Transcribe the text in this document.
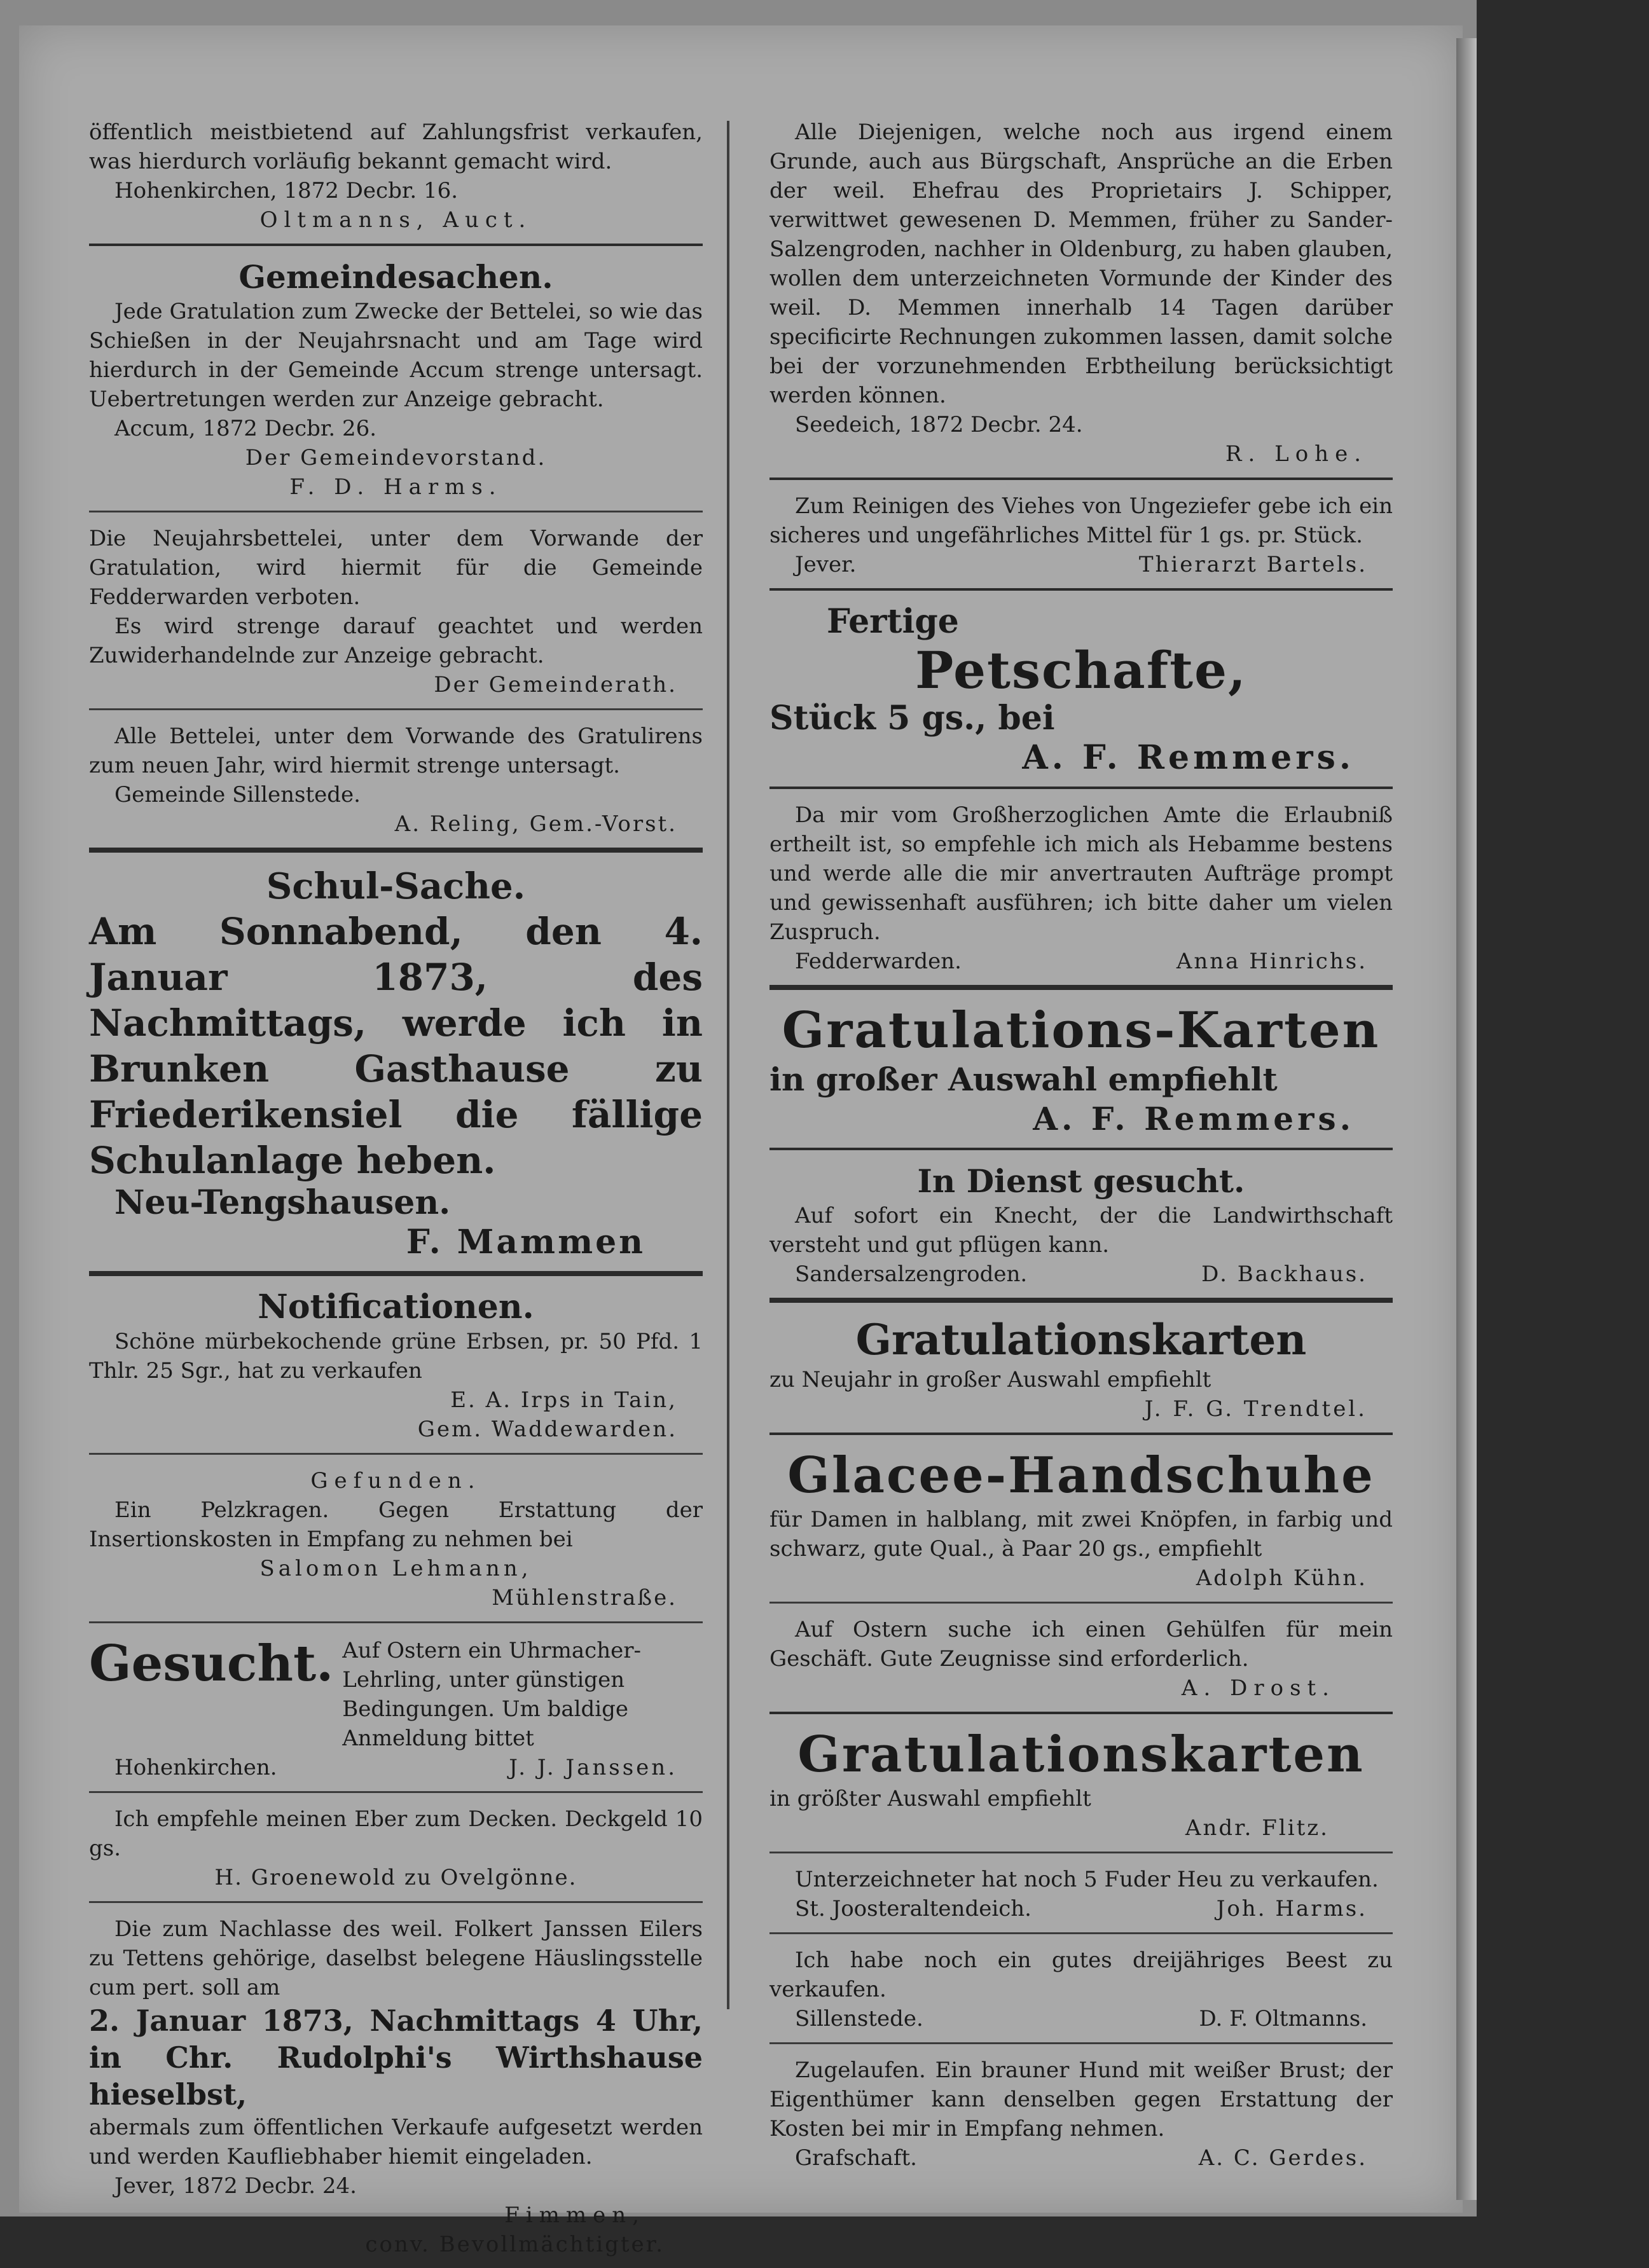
öffentlich meistbietend auf Zahlungsfrist verkaufen, was hierdurch vorläufig bekannt gemacht wird.
Hohenkirchen, 1872 Decbr. 16.
Oltmanns, Auct.
Gemeindesachen.
Jede Gratulation zum Zwecke der Bettelei, so wie das Schießen in der Neujahrsnacht und am Tage wird hierdurch in der Gemeinde Accum strenge untersagt. Uebertretungen werden zur Anzeige gebracht.
Accum, 1872 Decbr. 26.
Der Gemeindevorstand.
F. D. Harms.
Die Neujahrsbettelei, unter dem Vorwande der Gratulation, wird hiermit für die Gemeinde Fedderwarden verboten.
Es wird strenge darauf geachtet und werden Zuwiderhandelnde zur Anzeige gebracht.
Der Gemeinderath.
Alle Bettelei, unter dem Vorwande des Gratulirens zum neuen Jahr, wird hiermit strenge untersagt.
Gemeinde Sillenstede.
A. Reling, Gem.-Vorst.
Schul-Sache.
Am Sonnabend, den 4. Januar 1873, des Nachmittags, werde ich in Brunken Gasthause zu Friederikensiel die fällige Schulanlage heben.
Neu-Tengshausen.
F. Mammen
Notificationen.
Schöne mürbekochende grüne Erbsen, pr. 50 Pfd. 1 Thlr. 25 Sgr., hat zu verkaufen
E. A. Irps in Tain,
Gem. Waddewarden.
Gefunden.
Ein Pelzkragen. Gegen Erstattung der Insertionskosten in Empfang zu nehmen bei
Salomon Lehmann,
Mühlenstraße.
Gesucht. Auf Ostern ein Uhrmacher-Lehrling, unter günstigen Bedingungen. Um baldige Anmeldung bittet
Hohenkirchen.	J. J. Janssen.
Ich empfehle meinen Eber zum Decken. Deckgeld 10 gs.
H. Groenewold zu Ovelgönne.
Die zum Nachlasse des weil. Folkert Janssen Eilers zu Tettens gehörige, daselbst belegene Häuslingsstelle cum pert. soll am
2. Januar 1873, Nachmittags 4 Uhr, in Chr. Rudolphi's Wirthshause hieselbst,
abermals zum öffentlichen Verkaufe aufgesetzt werden und werden Kaufliebhaber hiemit eingeladen.
Jever, 1872 Decbr. 24.
Fimmen,
conv. Bevollmächtigter.
Alle Diejenigen, welche noch aus irgend einem Grunde, auch aus Bürgschaft, Ansprüche an die Erben der weil. Ehefrau des Proprietairs J. Schipper, verwittwet gewesenen D. Memmen, früher zu Sander-Salzengroden, nachher in Oldenburg, zu haben glauben, wollen dem unterzeichneten Vormunde der Kinder des weil. D. Memmen innerhalb 14 Tagen darüber specificirte Rechnungen zukommen lassen, damit solche bei der vorzunehmenden Erbtheilung berücksichtigt werden können.
Seedeich, 1872 Decbr. 24.
R. Lohe.
Zum Reinigen des Viehes von Ungeziefer gebe ich ein sicheres und ungefährliches Mittel für 1 gs. pr. Stück.
Jever.	Thierarzt Bartels.
Fertige
Petschafte,
Stück 5 gs., bei
A. F. Remmers.
Da mir vom Großherzoglichen Amte die Erlaubniß ertheilt ist, so empfehle ich mich als Hebamme bestens und werde alle die mir anvertrauten Aufträge prompt und gewissenhaft ausführen; ich bitte daher um vielen Zuspruch.
Fedderwarden.	Anna Hinrichs.
Gratulations-Karten
in großer Auswahl empfiehlt
A. F. Remmers.
In Dienst gesucht.
Auf sofort ein Knecht, der die Landwirthschaft versteht und gut pflügen kann.
Sandersalzengroden.	D. Backhaus.
Gratulationskarten
zu Neujahr in großer Auswahl empfiehlt
J. F. G. Trendtel.
Glacee-Handschuhe
für Damen in halblang, mit zwei Knöpfen, in farbig und schwarz, gute Qual., à Paar 20 gs., empfiehlt
Adolph Kühn.
Auf Ostern suche ich einen Gehülfen für mein Geschäft. Gute Zeugnisse sind erforderlich.
A. Drost.
Gratulationskarten
in größter Auswahl empfiehlt
Andr. Flitz.
Unterzeichneter hat noch 5 Fuder Heu zu verkaufen.
St. Joosteraltendeich.	Joh. Harms.
Ich habe noch ein gutes dreijähriges Beest zu verkaufen.
Sillenstede.	D. F. Oltmanns.
Zugelaufen. Ein brauner Hund mit weißer Brust; der Eigenthümer kann denselben gegen Erstattung der Kosten bei mir in Empfang nehmen.
Grafschaft.	A. C. Gerdes.
